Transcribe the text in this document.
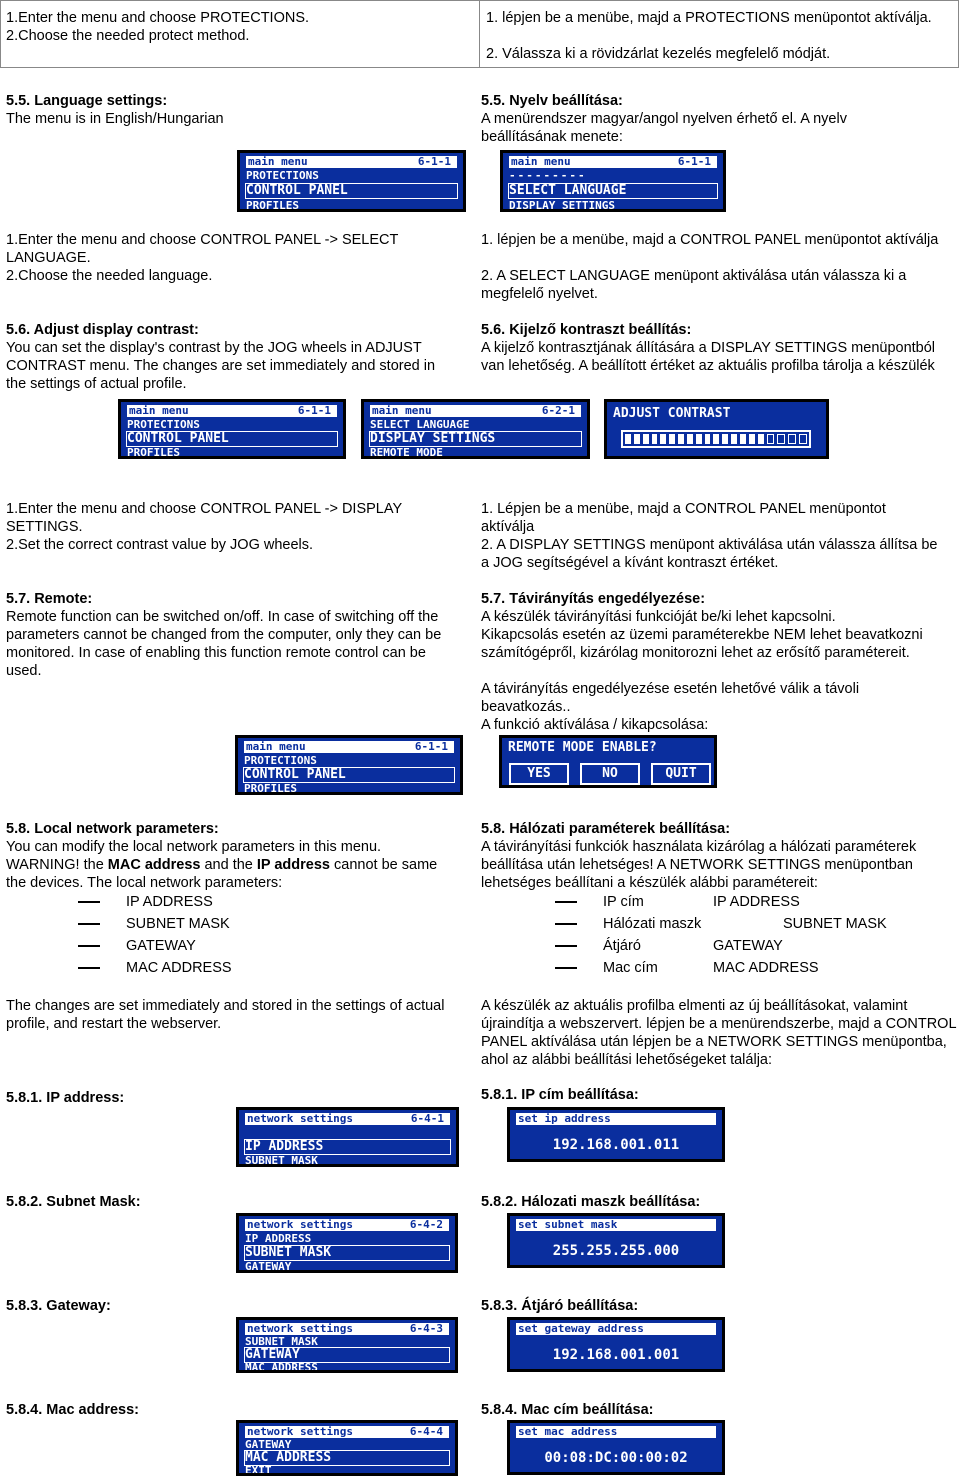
1.Enter the menu and choose PROTECTIONS.

2.Choose the needed protect method.

1. lépjen be a menübe, majd a PROTECTIONS menüpontot aktíválja.

2. Válassza ki a rövidzárlat kezelés megfelelő módját.

5.5. Language settings:

The menu is in English/Hungarian

5.5. Nyelv beállítása:

A menürendszer magyar/angol nyelven érhető el. A nyelv beállításának menete:

main menu	6-1-1
PROTECTIONS
CONTROL PANEL
PROFILES
main menu	6-1-1
---------
SELECT LANGUAGE
DISPLAY SETTINGS

1.Enter the menu and choose CONTROL PANEL -> SELECT LANGUAGE.

2.Choose the needed language.

1. lépjen be a menübe, majd a CONTROL PANEL menüpontot aktíválja

2. A SELECT LANGUAGE menüpont aktiválása után válassza ki a megfelelő nyelvet.

5.6. Adjust display contrast:

You can set the display's contrast by the JOG wheels in ADJUST CONTRAST menu. The changes are set immediately and stored in the settings of actual profile.

5.6. Kijelző kontraszt beállítás:

A kijelző kontrasztjának állítására a DISPLAY SETTINGS menüpontból van lehetőség. A beállított értéket az aktuális profilba tárolja a készülék

main menu	6-1-1
PROTECTIONS
CONTROL PANEL
PROFILES
main menu	6-2-1
SELECT LANGUAGE
DISPLAY SETTINGS
REMOTE MODE
ADJUST CONTRAST

1.Enter the menu and choose CONTROL PANEL -> DISPLAY SETTINGS.

2.Set the correct contrast value by JOG wheels.

1. Lépjen be a menübe, majd a CONTROL PANEL menüpontot aktíválja

2. A DISPLAY SETTINGS menüpont aktiválása után válassza állítsa be a JOG segítségével a kívánt kontraszt értéket.

5.7. Remote:

Remote function can be switched on/off. In case of switching off the parameters cannot be changed from the computer, only they can be monitored. In case of enabling this function remote control can be used.

5.7. Távirányítás engedélyezése:

A készülék távirányítási funkcióját be/ki lehet kapcsolni.

Kikapcsolás esetén az üzemi paraméterekbe NEM lehet beavatkozni számítógépről, kizárólag monitorozni lehet az erősítő paramétereit.

A távirányítás engedélyezése esetén lehetővé válik a távoli beavatkozás..

A funkció aktíválása / kikapcsolása:

main menu	6-1-1
PROTECTIONS
CONTROL PANEL
PROFILES
REMOTE MODE ENABLE?
YES	NO	QUIT

5.8. Local network parameters:

You can modify the local network parameters in this menu.

WARNING! the MAC address and the IP address cannot be same the devices. The local network parameters:

IP ADDRESS
SUBNET MASK
GATEWAY
MAC ADDRESS

The changes are set immediately and stored in the settings of actual profile, and restart the webserver.

5.8. Hálózati paraméterek beállítása:

A távirányítási funkciók használata kizárólag a hálózati paraméterek beállítása után lehetséges! A NETWORK SETTINGS menüpontban lehetséges beállítani a készülék alábbi paramétereit:

IP cím	IP ADDRESS
Hálózati maszk	SUBNET MASK
Átjáró	GATEWAY
Mac cím	MAC ADDRESS

A készülék az aktuális profilba elmenti az új beállításokat, valamint újraindítja a webszervert. lépjen be a menürendszerbe, majd a CONTROL PANEL aktíválása után lépjen be a NETWORK SETTINGS menüpontba, ahol az alábbi beállítási lehetőségeket találja:

5.8.1. IP address:	5.8.1. IP cím beállítása:

network settings	6-4-1
IP ADDRESS
SUBNET MASK
set ip address
192.168.001.011

5.8.2. Subnet Mask:	5.8.2. Hálozati maszk beállítása:

network settings	6-4-2
IP ADDRESS
SUBNET MASK
GATEWAY
set subnet mask
255.255.255.000

5.8.3. Gateway:	5.8.3. Átjáró beállítása:

network settings	6-4-3
SUBNET MASK
GATEWAY
MAC ADDRESS
set gateway address
192.168.001.001

5.8.4. Mac address:	5.8.4. Mac cím beállítása:

network settings	6-4-4
GATEWAY
MAC ADDRESS
EXIT
set mac address
00:08:DC:00:00:02
